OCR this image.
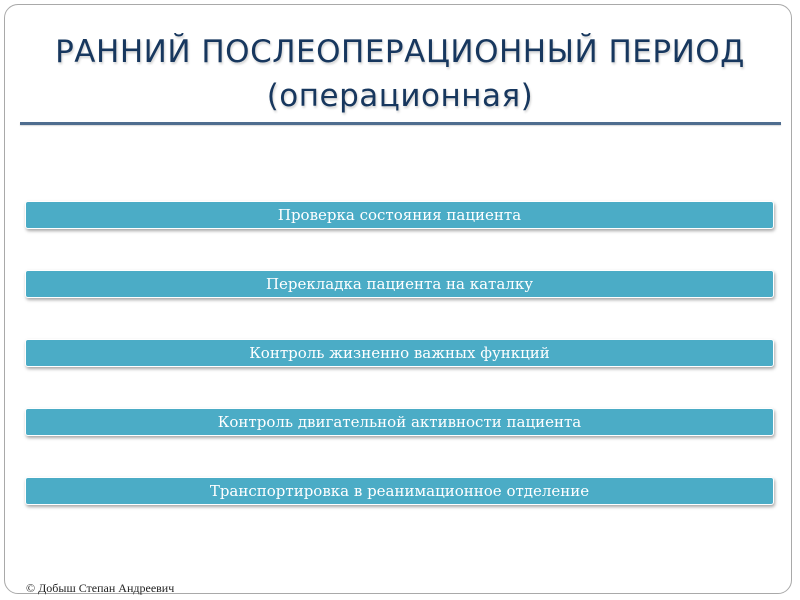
РАННИЙ ПОСЛЕОПЕРАЦИОННЫЙ ПЕРИОД
(операционная)
Проверка состояния пациента
Перекладка пациента на каталку
Контроль жизненно важных функций
Контроль двигательной активности пациента
Транспортировка в реанимационное отделение
© Добыш Степан Андреевич
